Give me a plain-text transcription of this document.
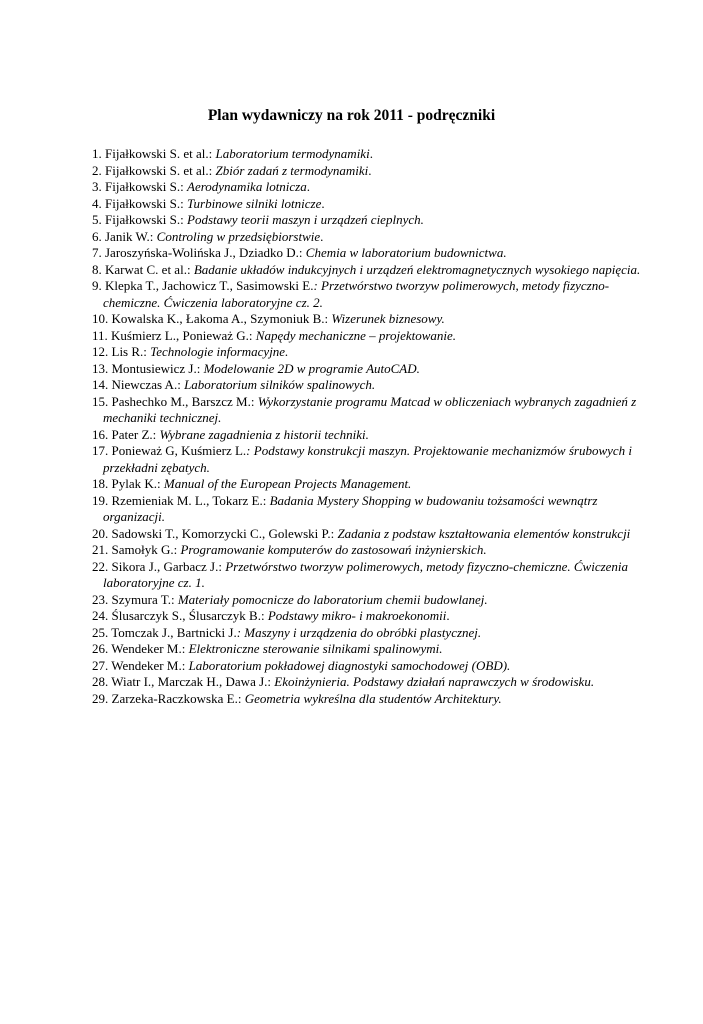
Plan wydawniczy na rok 2011 - podręczniki
1. Fijałkowski S. et al.: Laboratorium termodynamiki.
2. Fijałkowski S. et al.: Zbiór zadań z termodynamiki.
3. Fijałkowski S.: Aerodynamika lotnicza.
4. Fijałkowski S.: Turbinowe silniki lotnicze.
5. Fijałkowski S.: Podstawy teorii maszyn i urządzeń cieplnych.
6. Janik W.: Controling w przedsiębiorstwie.
7. Jaroszyńska-Wolińska J., Dziadko D.: Chemia w laboratorium budownictwa.
8. Karwat C. et al.: Badanie układów indukcyjnych i urządzeń elektromagnetycznych wysokiego napięcia.
9. Klepka T., Jachowicz T., Sasimowski E.: Przetwórstwo tworzyw polimerowych, metody fizyczno-chemiczne. Ćwiczenia laboratoryjne cz. 2.
10. Kowalska K., Łakoma A., Szymoniuk B.: Wizerunek biznesowy.
11. Kuśmierz L., Ponieważ G.: Napędy mechaniczne – projektowanie.
12. Lis R.: Technologie informacyjne.
13. Montusiewicz J.: Modelowanie 2D w programie AutoCAD.
14. Niewczas A.: Laboratorium silników spalinowych.
15. Pashechko M., Barszcz M.: Wykorzystanie programu Matcad w obliczeniach wybranych zagadnień z mechaniki technicznej.
16. Pater Z.: Wybrane zagadnienia z historii techniki.
17. Ponieważ G, Kuśmierz L.: Podstawy konstrukcji maszyn. Projektowanie mechanizmów śrubowych i przekładni zębatych.
18. Pylak K.: Manual of the European Projects Management.
19. Rzemieniak M. L., Tokarz E.: Badania Mystery Shopping w budowaniu tożsamości wewnątrz organizacji.
20. Sadowski T., Komorzycki C., Golewski P.: Zadania z podstaw kształtowania elementów konstrukcji
21. Samołyk G.: Programowanie komputerów do zastosowań inżynierskich.
22. Sikora J., Garbacz J.: Przetwórstwo tworzyw polimerowych, metody fizyczno-chemiczne. Ćwiczenia laboratoryjne cz. 1.
23. Szymura T.: Materiały pomocnicze do laboratorium chemii budowlanej.
24. Ślusarczyk S., Ślusarczyk B.: Podstawy mikro- i makroekonomii.
25. Tomczak J., Bartnicki J.: Maszyny i urządzenia do obróbki plastycznej.
26. Wendeker M.: Elektroniczne sterowanie silnikami spalinowymi.
27. Wendeker M.: Laboratorium pokładowej diagnostyki samochodowej (OBD).
28. Wiatr I., Marczak H., Dawa J.: Ekoinżynieria. Podstawy działań naprawczych w środowisku.
29. Zarzeka-Raczkowska E.: Geometria wykreślna dla studentów Architektury.
